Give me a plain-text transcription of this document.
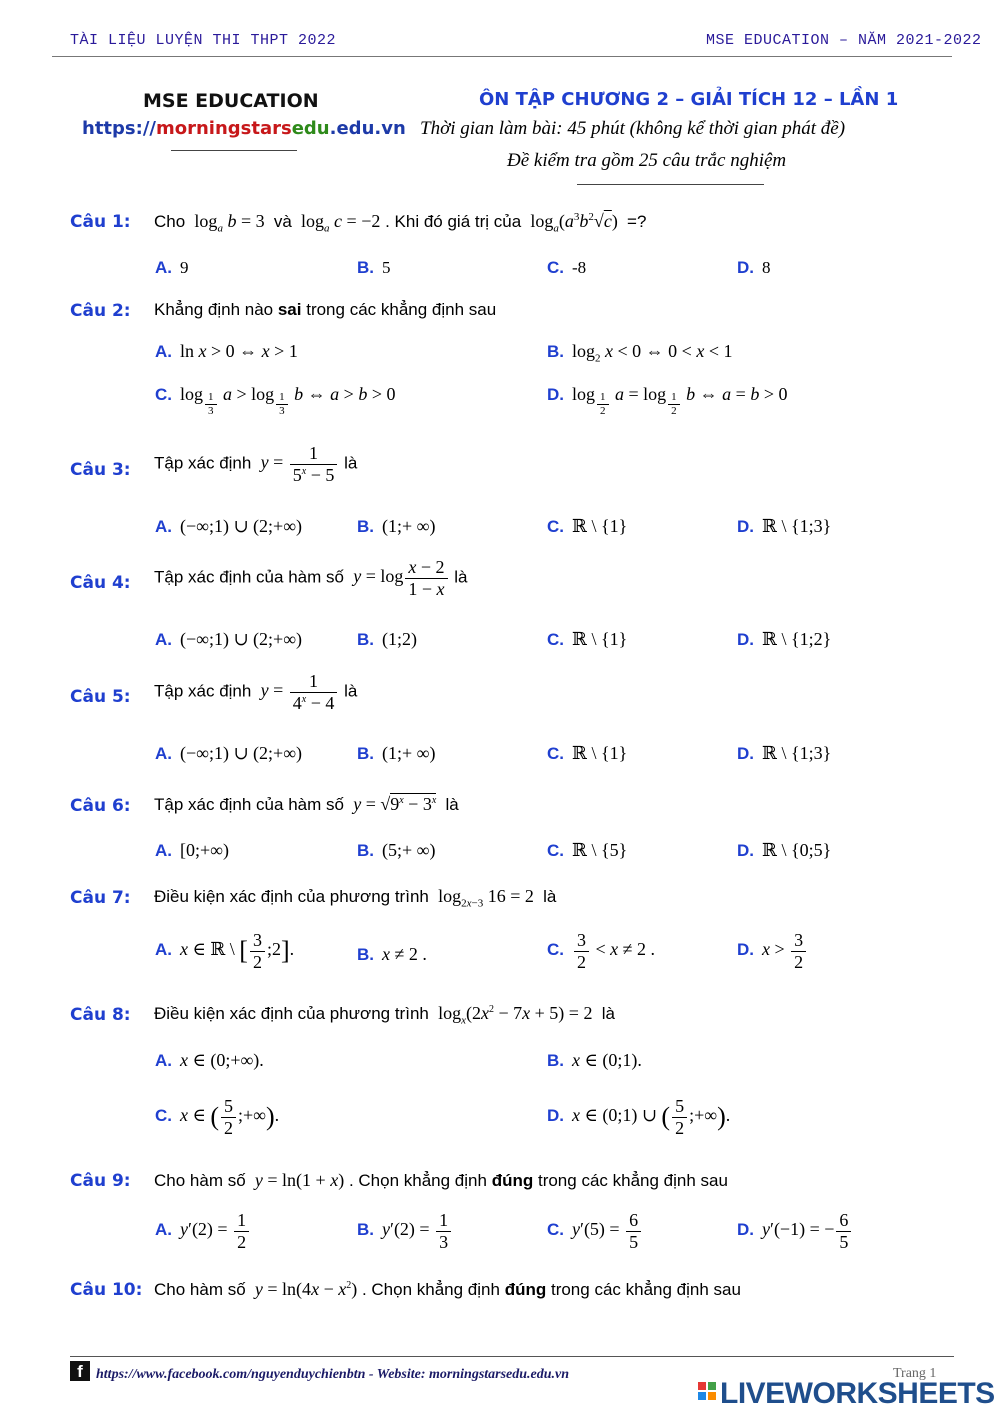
TÀI LIỆU LUYỆN THI THPT 2022	MSE EDUCATION – NĂM 2021-2022
MSE EDUCATION
https://morningstarsedu.edu.vn
ÔN TẬP CHƯƠNG 2 – GIẢI TÍCH 12 – LẦN 1
Thời gian làm bài: 45 phút (không kể thời gian phát đề)
Đề kiểm tra gồm 25 câu trắc nghiệm
Câu 1: Cho  $\log_a b = 3$  và  $\log_a c = -2$ . Khi đó giá trị của  $\log_a(a^3b^2√c)$  =?
A. 9	B. 5	C. -8	D. 8
Câu 2: Khẳng định nào sai trong các khẳng định sau
A. ln x > 0 ⇔ x > 1	B. $\log_2 x < 0$ ⇔ 0 < x < 1
C. $\log \frac{1}{3}$ $a > \log \frac{1}{3}$ b ⇔ a > b > 0	D. $\log \frac{1}{2}$ $a = \log \frac{1}{2}$ b ⇔ a = b > 0
Câu 3: Tập xác định $y = \frac{1}{5^x - 5}$ là
A. (−∞;1) ∪ (2;+∞)	B. (1;+ ∞)	C. ℝ \ {1}	D. ℝ \ {1;3}
Câu 4: Tập xác định của hàm số $y = \log \frac{x - 2}{1 - x}$ là
A. (−∞;1) ∪ (2;+∞)	B. (1;2)	C. ℝ \ {1}	D. ℝ \ {1;2}
Câu 5: Tập xác định $y = \frac{1}{4^x - 4}$ là
A. (−∞;1) ∪ (2;+∞)	B. (1;+ ∞)	C. ℝ \ {1}	D. ℝ \ {1;3}
Câu 6: Tập xác định của hàm số $y = √9^x - 3^x$ là
A. [0;+∞)	B. (5;+ ∞)	C. ℝ \ {5}	D. ℝ \ {0;5}
Câu 7: Điều kiện xác định của phương trình  $\log_{2x-3} 16 = 2$  là
A. x ∈ ℝ \ [ $\frac{3}{2}$ ;2].	B. x ≠ 2 .	C. $\frac{3}{2} < x \ne 2$ .	D. $x > \frac{3}{2}$
Câu 8: Điều kiện xác định của phương trình  $\log_x(2x^2 - 7x + 5) = 2$  là
A. x ∈ (0;+∞).	B. x ∈ (0;1).
C. x ∈ ( $\frac{5}{2}$ ;+∞).	D. x ∈ (0;1) ∪ ( $\frac{5}{2}$ ;+∞).
Câu 9: Cho hàm số y = ln(1 + x) . Chọn khẳng định đúng trong các khẳng định sau
A. $y'(2) = \frac{1}{2}$	B. $y'(2) = \frac{1}{3}$	C. $y'(5) = \frac{6}{5}$	D. y′(−1) = − $\frac{6}{5}$
Câu 10: Cho hàm số $y = \ln(4x - x^2)$ . Chọn khẳng định đúng trong các khẳng định sau
f https://www.facebook.com/nguyenduychienbtn - Website: morningstarsedu.edu.vn	Trang 1
LIVEWORKSHEETS
